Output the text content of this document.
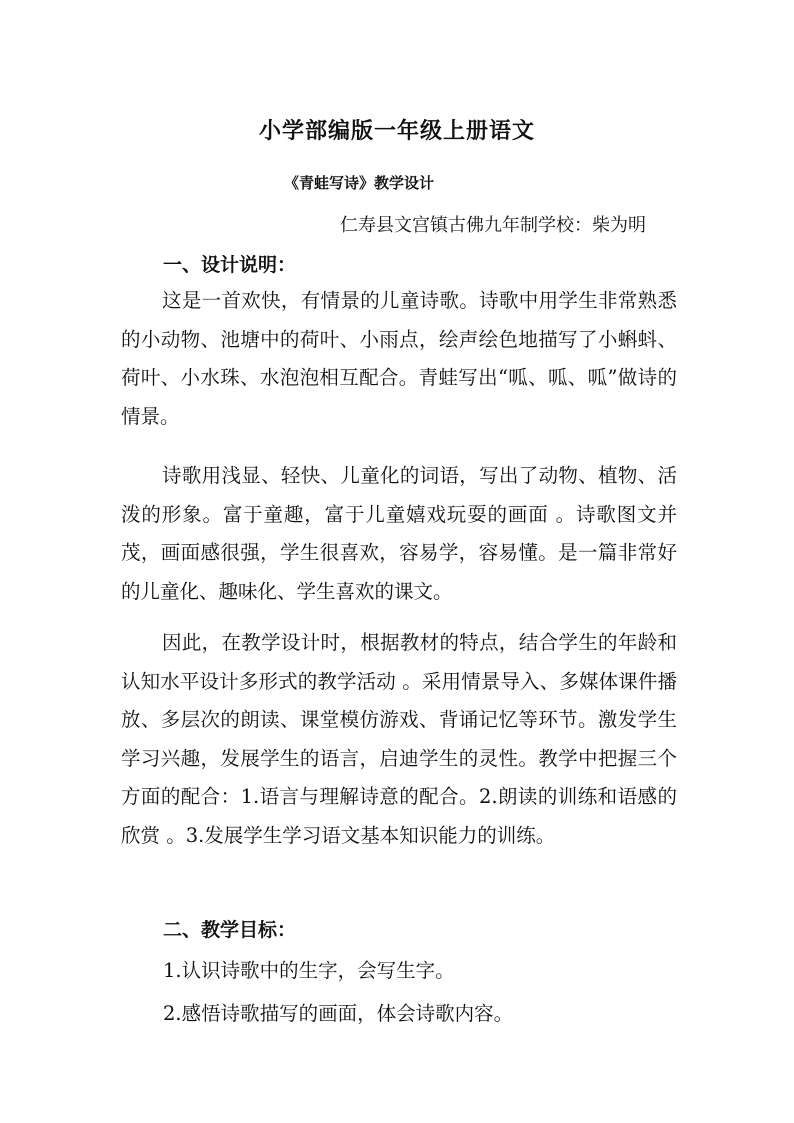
小学部编版一年级上册语文
《青蛙写诗》教学设计
仁寿县文宫镇古佛九年制学校：柴为明
一、设计说明：

这是一首欢快，有情景的儿童诗歌。诗歌中用学生非常熟悉的小动物、池塘中的荷叶、小雨点，绘声绘色地描写了小蝌蚪、荷叶、小水珠、水泡泡相互配合。青蛙写出“呱、呱、呱”做诗的情景。

诗歌用浅显、轻快、儿童化的词语，写出了动物、植物、活泼的形象。富于童趣，富于儿童嬉戏玩耍的画面 。诗歌图文并茂，画面感很强，学生很喜欢，容易学，容易懂。是一篇非常好的儿童化、趣味化、学生喜欢的课文。

因此，在教学设计时，根据教材的特点，结合学生的年龄和认知水平设计多形式的教学活动 。采用情景导入、多媒体课件播放、多层次的朗读、课堂模仿游戏、背诵记忆等环节。激发学生学习兴趣，发展学生的语言，启迪学生的灵性。教学中把握三个方面的配合：1.语言与理解诗意的配合。2.朗读的训练和语感的欣赏 。3.发展学生学习语文基本知识能力的训练。

二、教学目标：
1.认识诗歌中的生字，会写生字。
2.感悟诗歌描写的画面，体会诗歌内容。
